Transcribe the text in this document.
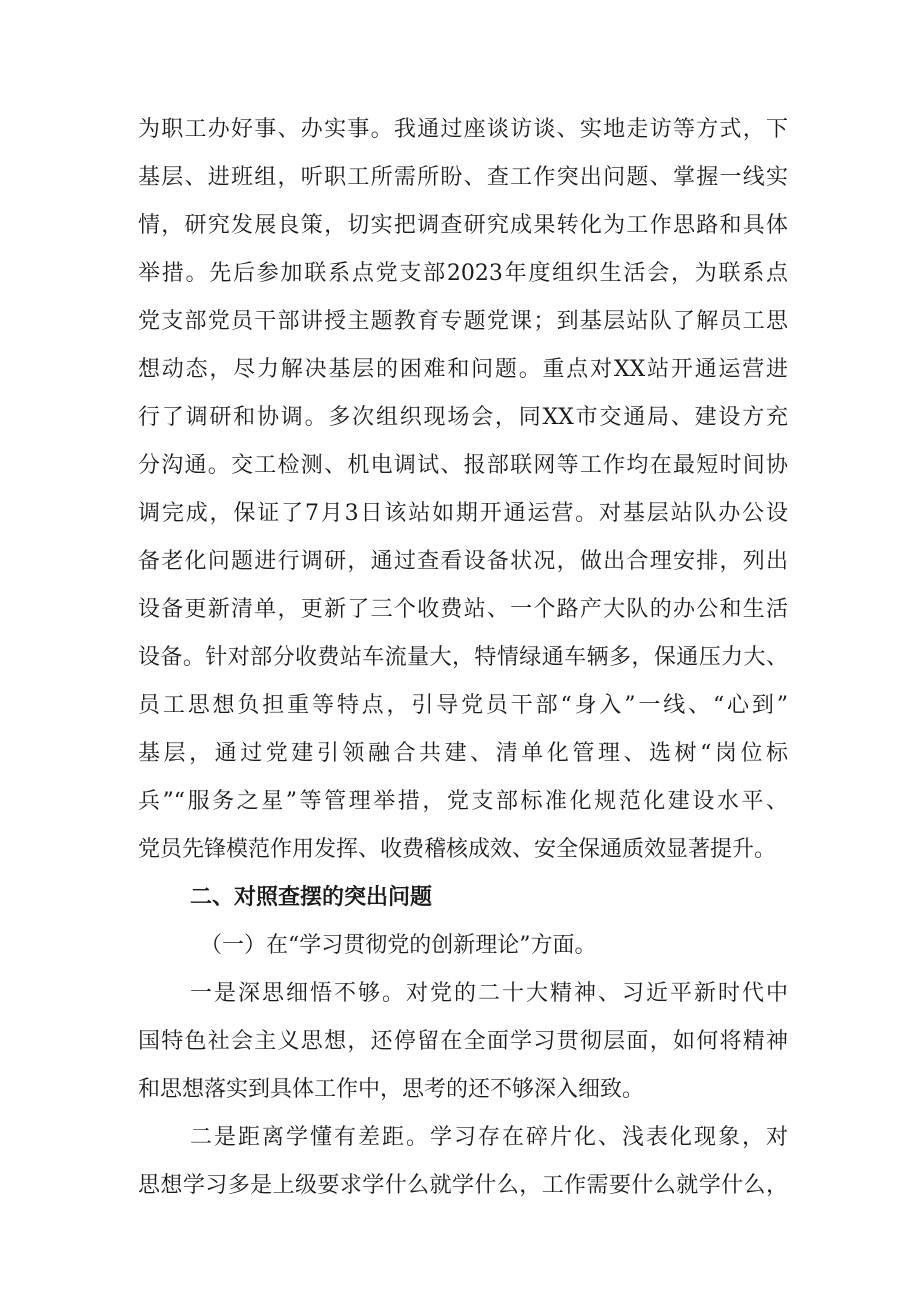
为职工办好事、办实事。我通过座谈访谈、实地走访等方式，下
基层、进班组，听职工所需所盼、查工作突出问题、掌握一线实
情，研究发展良策，切实把调查研究成果转化为工作思路和具体
举措。先后参加联系点党支部2023年度组织生活会，为联系点
党支部党员干部讲授主题教育专题党课；到基层站队了解员工思
想动态，尽力解决基层的困难和问题。重点对XX站开通运营进
行了调研和协调。多次组织现场会，同XX市交通局、建设方充
分沟通。交工检测、机电调试、报部联网等工作均在最短时间协
调完成，保证了7月3日该站如期开通运营。对基层站队办公设
备老化问题进行调研，通过查看设备状况，做出合理安排，列出
设备更新清单，更新了三个收费站、一个路产大队的办公和生活
设备。针对部分收费站车流量大，特情绿通车辆多，保通压力大、
员工思想负担重等特点，引导党员干部“身入”一线、“心到”
基层，通过党建引领融合共建、清单化管理、选树“岗位标
兵”“服务之星”等管理举措，党支部标准化规范化建设水平、
党员先锋模范作用发挥、收费稽核成效、安全保通质效显著提升。
二、对照查摆的突出问题
（一）在“学习贯彻党的创新理论”方面。
一是深思细悟不够。对党的二十大精神、习近平新时代中
国特色社会主义思想，还停留在全面学习贯彻层面，如何将精神
和思想落实到具体工作中，思考的还不够深入细致。
二是距离学懂有差距。学习存在碎片化、浅表化现象，对
思想学习多是上级要求学什么就学什么，工作需要什么就学什么，
